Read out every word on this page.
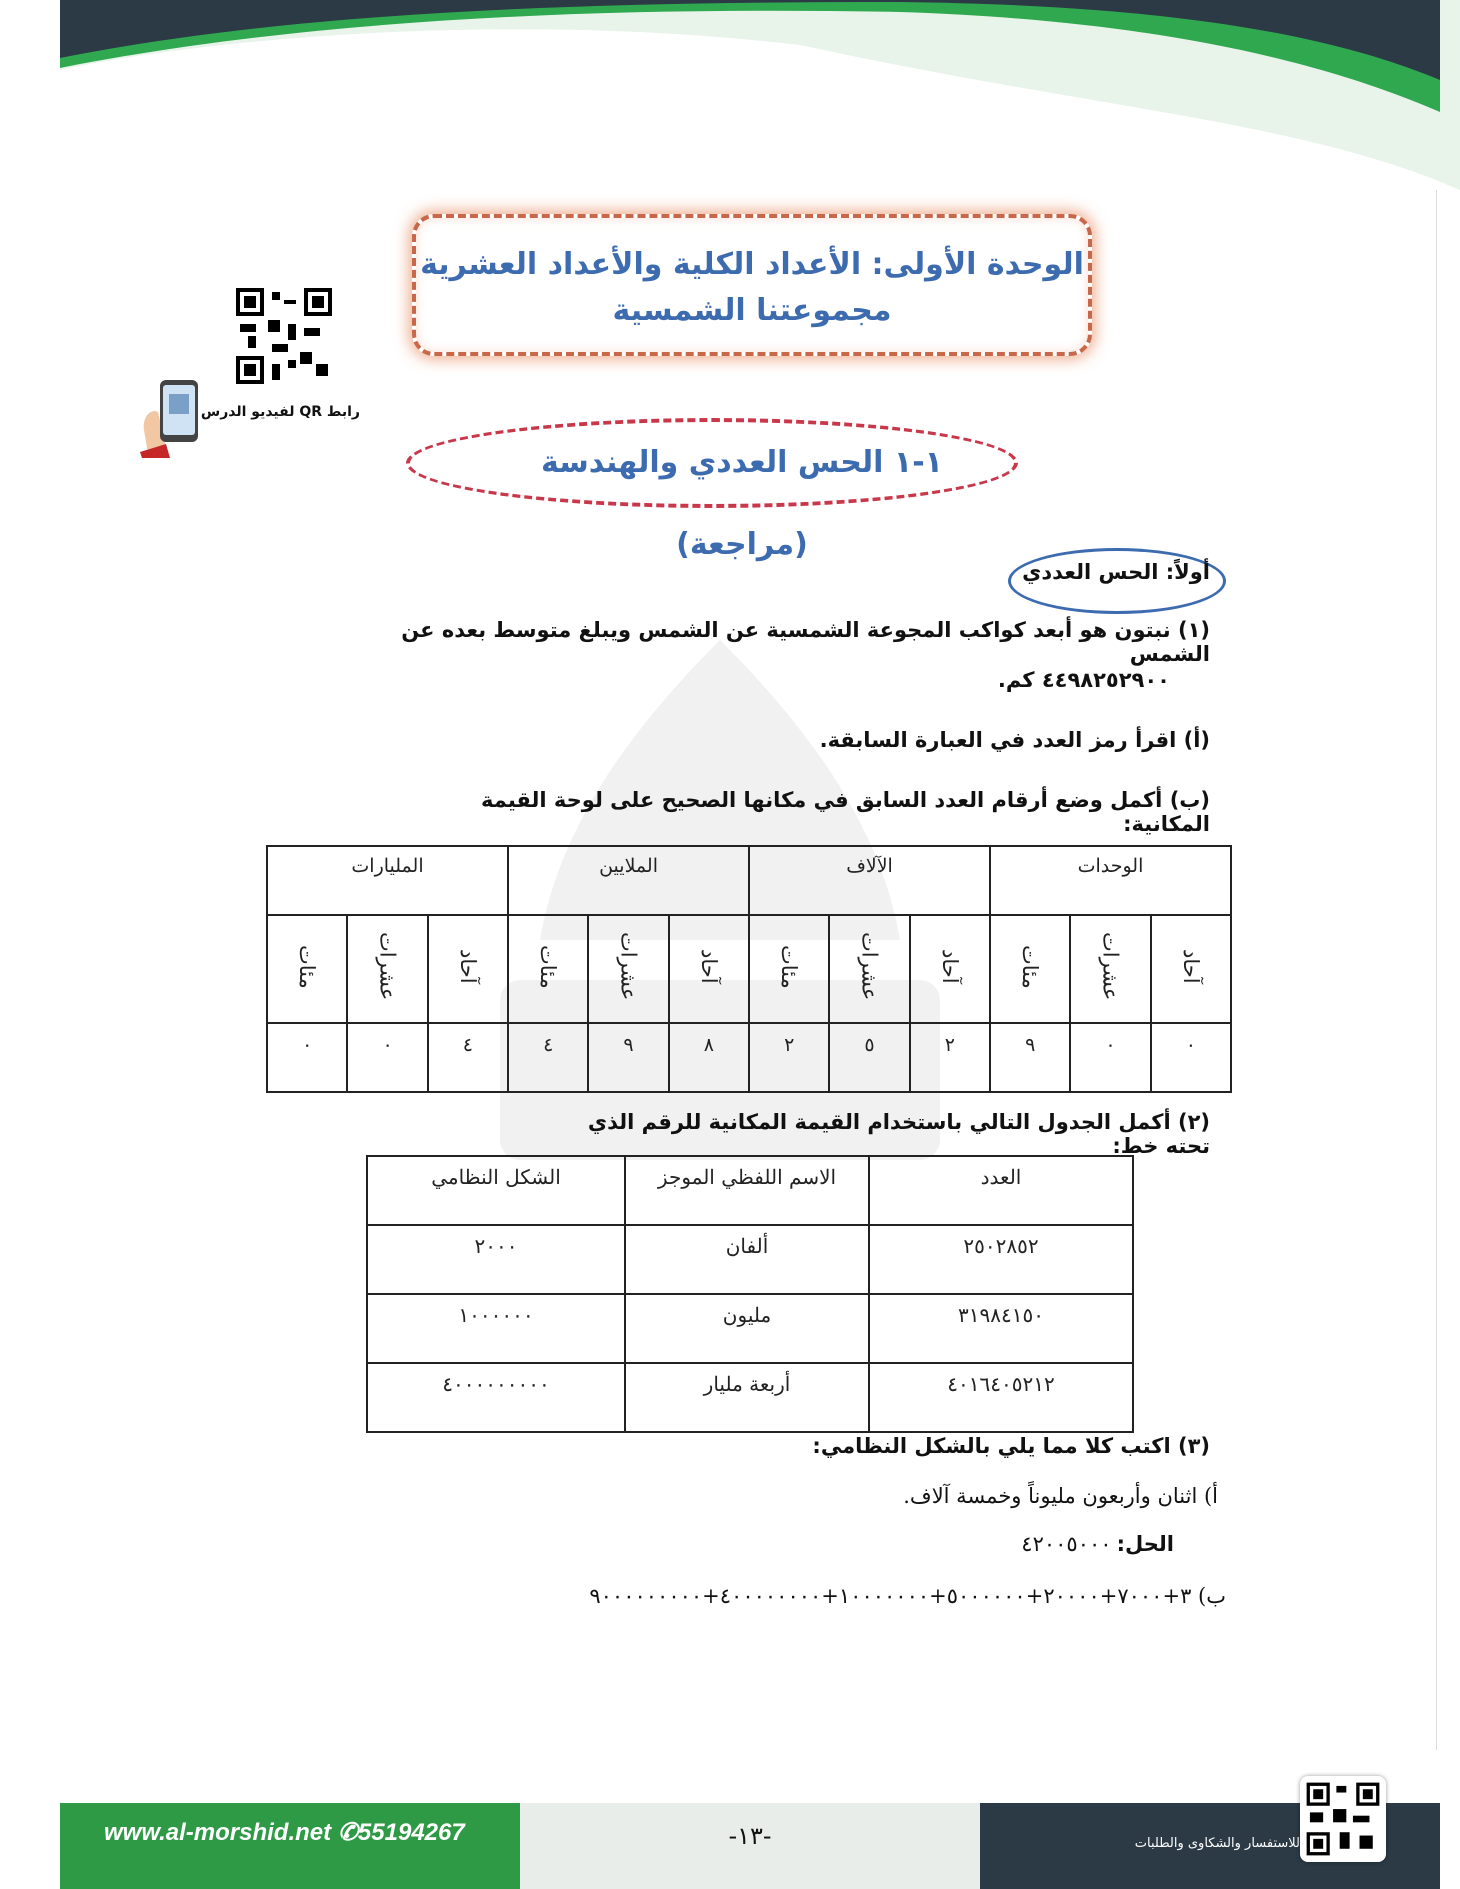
رابط QR لفيديو الدرس
الوحدة الأولى: الأعداد الكلية والأعداد العشرية
مجموعتنا الشمسية
١-١ الحس العددي والهندسة (مراجعة)
أولاً: الحس العددي
(١) نبتون هو أبعد كواكب المجوعة الشمسية عن الشمس ويبلغ متوسط بعده عن الشمس
٤٤٩٨٢٥٢٩٠٠ كم.
(أ) اقرأ رمز العدد في العبارة السابقة.
(ب) أكمل وضع أرقام العدد السابق في مكانها الصحيح على لوحة القيمة المكانية:
الوحدات			الآلاف			الملايين			المليارات		
آحاد	عشرات	مئات	آحاد	عشرات	مئات	آحاد	عشرات	مئات	آحاد	عشرات	مئات
٠	٠	٩	٢	٥	٢	٨	٩	٤	٤	٠	٠
(٢) أكمل الجدول التالي باستخدام القيمة المكانية للرقم الذي تحته خط:
العدد	الاسم اللفظي الموجز	الشكل النظامي
٢٥٠٢٨٥٢	ألفان	٢٠٠٠
٣١٩٨٤١٥٠	مليون	١٠٠٠٠٠٠
٤٠١٦٤٠٥٢١٢	أربعة مليار	٤٠٠٠٠٠٠٠٠٠
(٣) اكتب كلا مما يلي بالشكل النظامي:
أ) اثنان وأربعون مليوناً وخمسة آلاف.
الحل: ٤٢٠٠٥٠٠٠
ب) ٣+٧٠٠٠+٢٠٠٠٠+٥٠٠٠٠٠٠+١٠٠٠٠٠٠٠+٤٠٠٠٠٠٠٠٠+٩٠٠٠٠٠٠٠٠٠
www.al-morshid.net ✆55194267	-١٣-	للاستفسار والشكاوى والطلبات
